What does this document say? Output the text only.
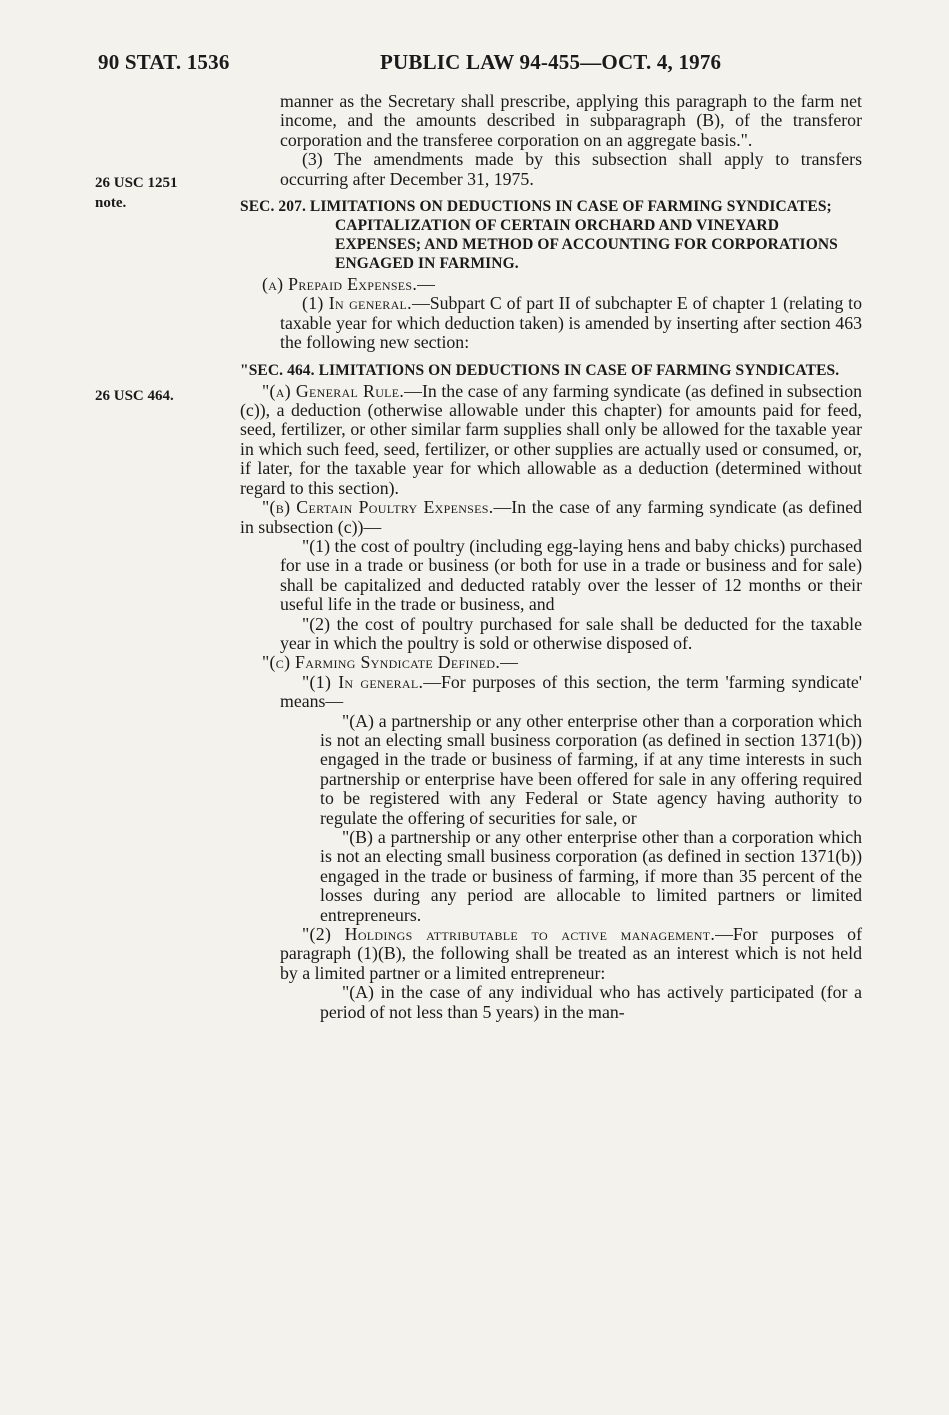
90 STAT. 1536	PUBLIC LAW 94-455—OCT. 4, 1976
26 USC 1251
note.
26 USC 464.

manner as the Secretary shall prescribe, applying this paragraph to the farm net income, and the amounts described in subparagraph (B), of the transferor corporation and the transferee corporation on an aggregate basis.".

(3) The amendments made by this subsection shall apply to transfers occurring after December 31, 1975.

SEC. 207. LIMITATIONS ON DEDUCTIONS IN CASE OF FARMING SYNDICATES; CAPITALIZATION OF CERTAIN ORCHARD AND VINEYARD EXPENSES; AND METHOD OF ACCOUNTING FOR CORPORATIONS ENGAGED IN FARMING.

(a) Prepaid Expenses.—

(1) In general.—Subpart C of part II of subchapter E of chapter 1 (relating to taxable year for which deduction taken) is amended by inserting after section 463 the following new section:

"SEC. 464. LIMITATIONS ON DEDUCTIONS IN CASE OF FARMING SYNDICATES.

"(a) General Rule.—In the case of any farming syndicate (as defined in subsection (c)), a deduction (otherwise allowable under this chapter) for amounts paid for feed, seed, fertilizer, or other similar farm supplies shall only be allowed for the taxable year in which such feed, seed, fertilizer, or other supplies are actually used or consumed, or, if later, for the taxable year for which allowable as a deduction (determined without regard to this section).

"(b) Certain Poultry Expenses.—In the case of any farming syndicate (as defined in subsection (c))—

"(1) the cost of poultry (including egg-laying hens and baby chicks) purchased for use in a trade or business (or both for use in a trade or business and for sale) shall be capitalized and deducted ratably over the lesser of 12 months or their useful life in the trade or business, and

"(2) the cost of poultry purchased for sale shall be deducted for the taxable year in which the poultry is sold or otherwise disposed of.

"(c) Farming Syndicate Defined.—

"(1) In general.—For purposes of this section, the term 'farming syndicate' means—

"(A) a partnership or any other enterprise other than a corporation which is not an electing small business corporation (as defined in section 1371(b)) engaged in the trade or business of farming, if at any time interests in such partnership or enterprise have been offered for sale in any offering required to be registered with any Federal or State agency having authority to regulate the offering of securities for sale, or

"(B) a partnership or any other enterprise other than a corporation which is not an electing small business corporation (as defined in section 1371(b)) engaged in the trade or business of farming, if more than 35 percent of the losses during any period are allocable to limited partners or limited entrepreneurs.

"(2) Holdings attributable to active management.—For purposes of paragraph (1)(B), the following shall be treated as an interest which is not held by a limited partner or a limited entrepreneur:

"(A) in the case of any individual who has actively participated (for a period of not less than 5 years) in the man-
